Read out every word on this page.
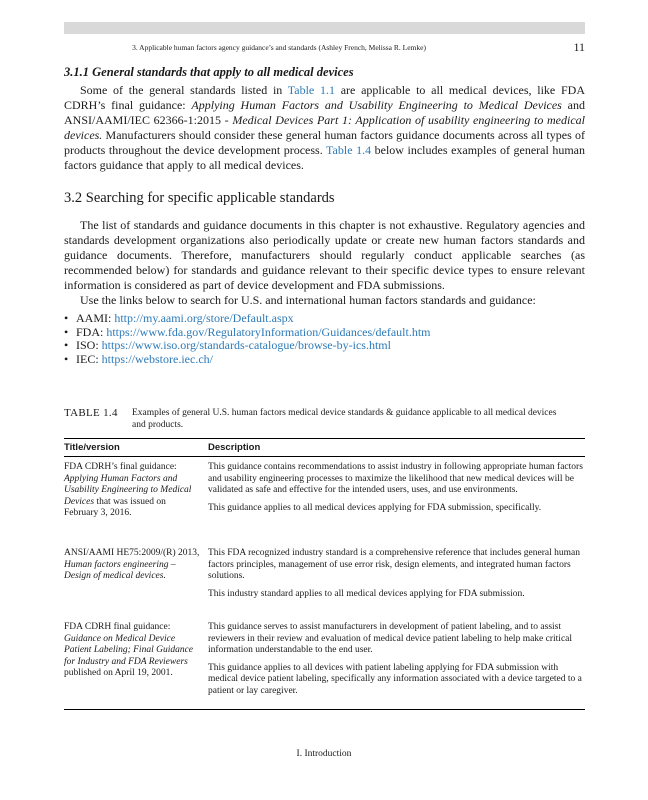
3. Applicable human factors agency guidance’s and standards (Ashley French, Melissa R. Lemke)	11
3.1.1 General standards that apply to all medical devices

Some of the general standards listed in Table 1.1 are applicable to all medical devices, like FDA CDRH’s final guidance: Applying Human Factors and Usability Engineering to Medical Devices and ANSI/AAMI/IEC 62366-1:2015 - Medical Devices Part 1: Application of usability engineering to medical devices. Manufacturers should consider these general human factors guidance documents across all types of products throughout the device development process. Table 1.4 below includes examples of general human factors guidance that apply to all medical devices.

3.2 Searching for specific applicable standards

The list of standards and guidance documents in this chapter is not exhaustive. Regulatory agencies and standards development organizations also periodically update or create new human factors standards and guidance documents. Therefore, manufacturers should regularly conduct applicable searches (as recommended below) for standards and guidance relevant to their specific device types to ensure relevant information is considered as part of device development and FDA submissions.

Use the links below to search for U.S. and international human factors standards and guidance:

• AAMI: http://my.aami.org/store/Default.aspx
• FDA: https://www.fda.gov/RegulatoryInformation/Guidances/default.htm
• ISO: https://www.iso.org/standards-catalogue/browse-by-ics.html
• IEC: https://webstore.iec.ch/
TABLE 1.4 Examples of general U.S. human factors medical device standards & guidance applicable to all medical devices and products.
Title/version	Description
FDA CDRH’s final guidance: Applying Human Factors and Usability Engineering to Medical Devices that was issued on February 3, 2016.
This guidance contains recommendations to assist industry in following appropriate human factors and usability engineering processes to maximize the likelihood that new medical devices will be validated as safe and effective for the intended users, uses, and use environments.
This guidance applies to all medical devices applying for FDA submission, specifically.
ANSI/AAMI HE75:2009/(R) 2013, Human factors engineering – Design of medical devices.
This FDA recognized industry standard is a comprehensive reference that includes general human factors principles, management of use error risk, design elements, and integrated human factors solutions.
This industry standard applies to all medical devices applying for FDA submission.
FDA CDRH final guidance: Guidance on Medical Device Patient Labeling; Final Guidance for Industry and FDA Reviewers published on April 19, 2001.
This guidance serves to assist manufacturers in development of patient labeling, and to assist reviewers in their review and evaluation of medical device patient labeling to help make critical information understandable to the end user.
This guidance applies to all devices with patient labeling applying for FDA submission with medical device patient labeling, specifically any information associated with a device targeted to a patient or lay caregiver.
I. Introduction
